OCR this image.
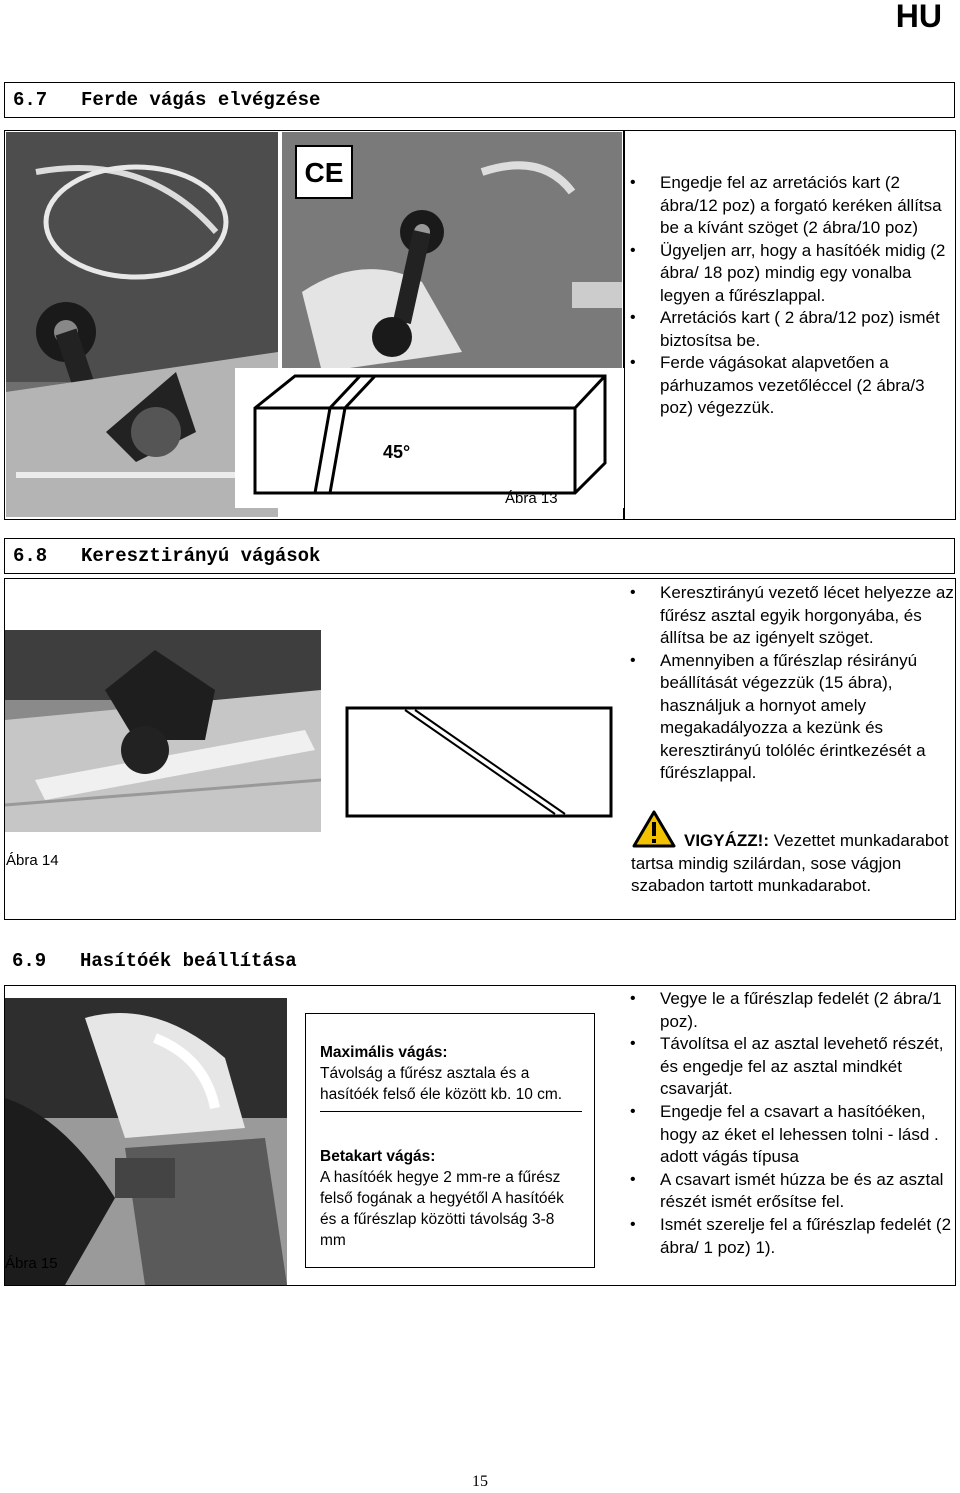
HU
6.7	Ferde vágás elvégzése
CE
45°
Ábra 13
• Engedje fel az arretációs kart (2 ábra/12 poz) a forgató keréken állítsa be a kívánt szöget (2 ábra/10 poz)
• Ügyeljen arr, hogy a hasítóék midig (2 ábra/ 18 poz) mindig egy vonalba legyen a fűrészlappal.
• Arretációs kart ( 2 ábra/12 poz) ismét biztosítsa be.
• Ferde vágásokat alapvetően a párhuzamos vezetőléccel (2 ábra/3 poz) végezzük.
6.8	Keresztirányú vágások
Ábra 14
• Keresztirányú vezető lécet helyezze az fűrész asztal egyik horgonyába, és állítsa be az igényelt szöget.
• Amennyiben a fűrészlap résirányú beállítását végezzük (15 ábra), használjuk a hornyot amely megakadályozza a kezünk és keresztirányú tolóléc érintkezését a fűrészlappal.
VIGYÁZZ!: Vezettet munkadarabot tartsa mindig szilárdan, sose vágjon szabadon tartott munkadarabot.
6.9	Hasítóék beállítása
Ábra 15
Maximális vágás:
Távolság a fűrész asztala és a hasítóék felső éle között kb. 10 cm.
Betakart vágás:
A hasítóék hegye 2 mm-re a fűrész felső fogának a hegyétől A hasítóék és a fűrészlap közötti távolság 3-8 mm
• Vegye le a fűrészlap fedelét (2 ábra/1 poz).
• Távolítsa el az asztal levehető részét, és engedje fel az asztal mindkét csavarját.
• Engedje fel a csavart a hasítóéken, hogy az éket el lehessen tolni - lásd . adott vágás típusa
• A csavart ismét húzza be és az asztal részét ismét erősítse fel.
• Ismét szerelje fel a fűrészlap fedelét (2 ábra/ 1 poz) 1).
15
